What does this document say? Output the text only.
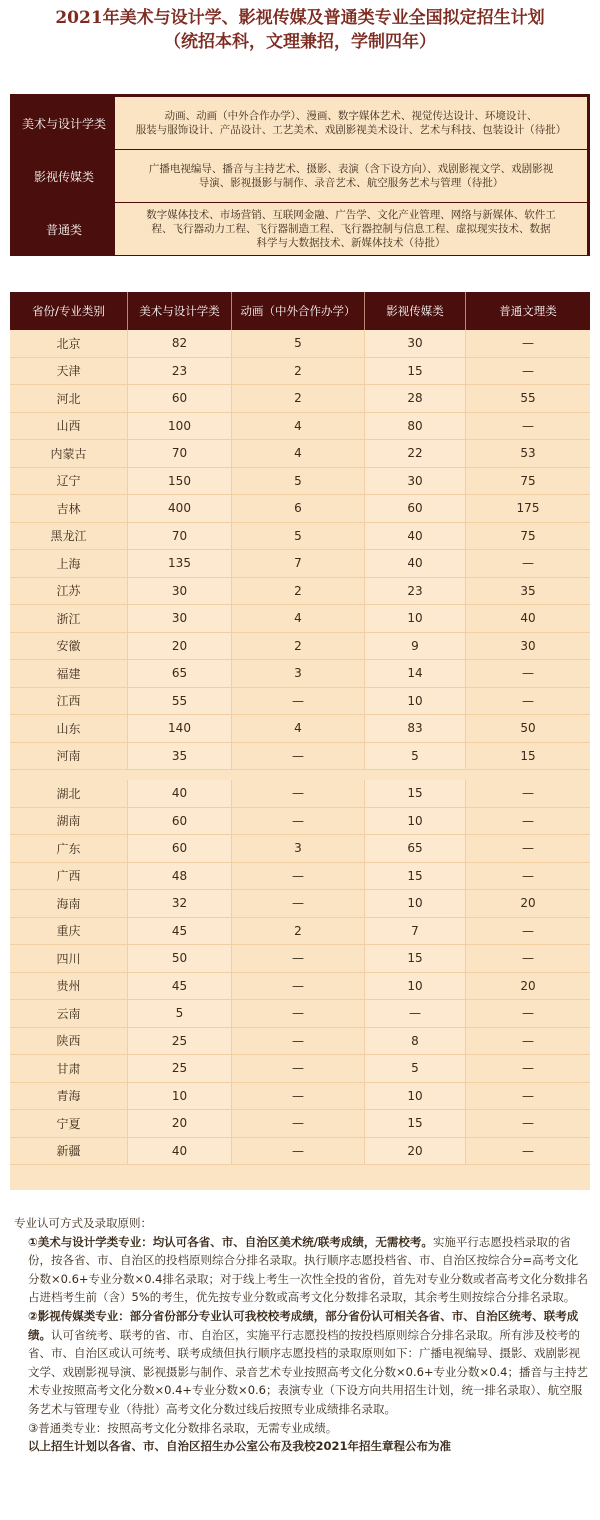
2021年美术与设计学、影视传媒及普通类专业全国拟定招生计划
（统招本科，文理兼招，学制四年）
美术与设计学类
动画、动画（中外合作办学）、漫画、数字媒体艺术、视觉传达设计、环境设计、
服装与服饰设计、产品设计、工艺美术、戏剧影视美术设计、艺术与科技、包装设计（待批）
影视传媒类
广播电视编导、播音与主持艺术、摄影、表演（含下设方向）、戏剧影视文学、戏剧影视
导演、影视摄影与制作、录音艺术、航空服务艺术与管理（待批）
普通类
数字媒体技术、市场营销、互联网金融、广告学、文化产业管理、网络与新媒体、软件工
程、飞行器动力工程、飞行器制造工程、飞行器控制与信息工程、虚拟现实技术、数据
科学与大数据技术、新媒体技术（待批）
省份/专业类别	美术与设计学类	动画（中外合作办学）	影视传媒类	普通文理类
北京	82	5	30	—
天津	23	2	15	—
河北	60	2	28	55
山西	100	4	80	—
内蒙古	70	4	22	53
辽宁	150	5	30	75
吉林	400	6	60	175
黑龙江	70	5	40	75
上海	135	7	40	—
江苏	30	2	23	35
浙江	30	4	10	40
安徽	20	2	9	30
福建	65	3	14	—
江西	55	—	10	—
山东	140	4	83	50
河南	35	—	5	15
湖北	40	—	15	—
湖南	60	—	10	—
广东	60	3	65	—
广西	48	—	15	—
海南	32	—	10	20
重庆	45	2	7	—
四川	50	—	15	—
贵州	45	—	10	20
云南	5	—	—	—
陕西	25	—	8	—
甘肃	25	—	5	—
青海	10	—	10	—
宁夏	20	—	15	—
新疆	40	—	20	—

专业认可方式及录取原则：

①美术与设计学类专业：均认可各省、市、自治区美术统/联考成绩，无需校考。实施平行志愿投档录取的省份，按各省、市、自治区的投档原则综合分排名录取。执行顺序志愿投档省、市、自治区按综合分=高考文化分数×0.6+专业分数×0.4排名录取；对于线上考生一次性全投的省份，首先对专业分数或者高考文化分数排名占进档考生前（含）5%的考生，优先按专业分数或高考文化分数排名录取，其余考生则按综合分排名录取。

②影视传媒类专业：部分省份部分专业认可我校校考成绩，部分省份认可相关各省、市、自治区统考、联考成绩。认可省统考、联考的省、市、自治区，实施平行志愿投档的按投档原则综合分排名录取。所有涉及校考的省、市、自治区或认可统考、联考成绩但执行顺序志愿投档的录取原则如下：广播电视编导、摄影、戏剧影视文学、戏剧影视导演、影视摄影与制作、录音艺术专业按照高考文化分数×0.6+专业分数×0.4；播音与主持艺术专业按照高考文化分数×0.4+专业分数×0.6；表演专业（下设方向共用招生计划，统一排名录取）、航空服务艺术与管理专业（待批）高考文化分数过线后按照专业成绩排名录取。

③普通类专业：按照高考文化分数排名录取，无需专业成绩。

以上招生计划以各省、市、自治区招生办公室公布及我校2021年招生章程公布为准
